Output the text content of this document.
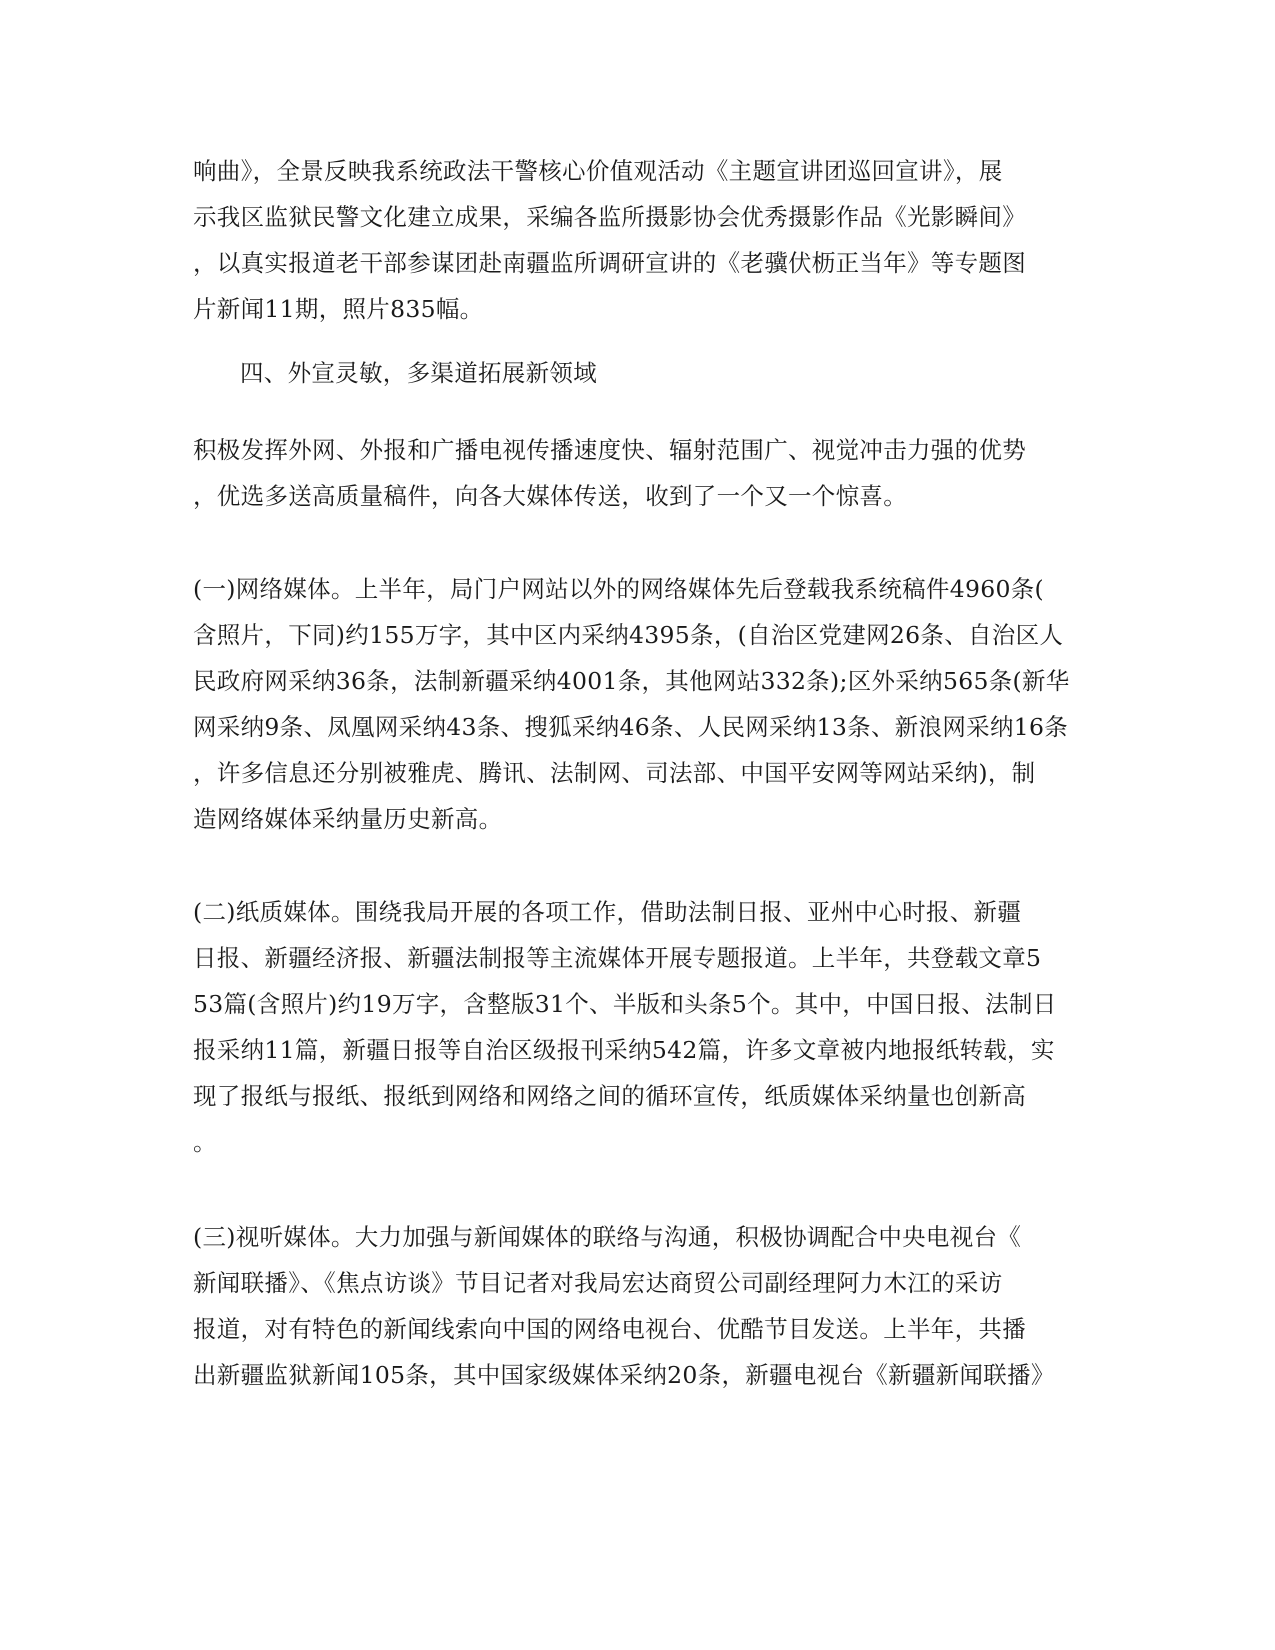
响曲》，全景反映我系统政法干警核心价值观活动《主题宣讲团巡回宣讲》，展
示我区监狱民警文化建立成果，采编各监所摄影协会优秀摄影作品《光影瞬间》
，以真实报道老干部参谋团赴南疆监所调研宣讲的《老骥伏枥正当年》等专题图
片新闻11期，照片835幅。
四、外宣灵敏，多渠道拓展新领域
积极发挥外网、外报和广播电视传播速度快、辐射范围广、视觉冲击力强的优势
，优选多送高质量稿件，向各大媒体传送，收到了一个又一个惊喜。
(一)网络媒体。上半年，局门户网站以外的网络媒体先后登载我系统稿件4960条(
含照片，下同)约155万字，其中区内采纳4395条，(自治区党建网26条、自治区人
民政府网采纳36条，法制新疆采纳4001条，其他网站332条);区外采纳565条(新华
网采纳9条、凤凰网采纳43条、搜狐采纳46条、人民网采纳13条、新浪网采纳16条
，许多信息还分别被雅虎、腾讯、法制网、司法部、中国平安网等网站采纳)，制
造网络媒体采纳量历史新高。
(二)纸质媒体。围绕我局开展的各项工作，借助法制日报、亚州中心时报、新疆
日报、新疆经济报、新疆法制报等主流媒体开展专题报道。上半年，共登载文章5
53篇(含照片)约19万字，含整版31个、半版和头条5个。其中，中国日报、法制日
报采纳11篇，新疆日报等自治区级报刊采纳542篇，许多文章被内地报纸转载，实
现了报纸与报纸、报纸到网络和网络之间的循环宣传，纸质媒体采纳量也创新高
。
(三)视听媒体。大力加强与新闻媒体的联络与沟通，积极协调配合中央电视台《
新闻联播》、《焦点访谈》节目记者对我局宏达商贸公司副经理阿力木江的采访
报道，对有特色的新闻线索向中国的网络电视台、优酷节目发送。上半年，共播
出新疆监狱新闻105条，其中国家级媒体采纳20条，新疆电视台《新疆新闻联播》
